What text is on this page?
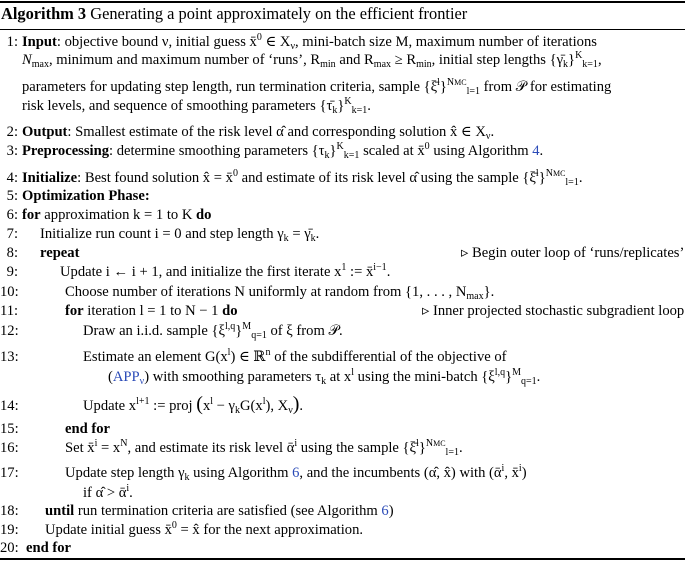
Algorithm 3 Generating a point approximately on the efficient frontier
1: Input: objective bound ν, initial guess x̄$^0$ ∈ $X_\nu$, mini-batch size M, maximum number of iterations
$N_{max}$, minimum and maximum number of ‘runs’, $R_{min}$ and $R_{max} \ge R_{min}$, initial step lengths $\{\gammā_k\}^K_{k=1}$,
parameters for updating step length, run termination criteria, sample {ξ̄$^l$}$^{NMC}_{l=1}$ from 𝒫 for estimating
risk levels, and sequence of smoothing parameters $\{\taū_k\}^K_{k=1}$.
2: Output: Smallest estimate of the risk level α̂ and corresponding solution x̂ ∈ $X_\nu$.
3: Preprocessing: determine smoothing parameters $\{\tau_k\}^K_{k=1}$ scaled at x̄$^0$ using Algorithm 4.
4: Initialize: Best found solution x̂ = x̄$^0$ and estimate of its risk level α̂ using the sample {ξ̄$^l$}$^{NMC}_{l=1}$.
5: Optimization Phase:
6: for approximation k = 1 to K do
7: Initialize run count i = 0 and step length $\gamma_k$ = $\gammā_k$.
8: repeat	▹ Begin outer loop of ‘runs/replicates’
9:	Update i ← i + 1, and initialize the first iterate $x^1$ := x̄$^{i-1}$.
10:	Choose number of iterations N uniformly at random from {1, . . . , $N_{max}$}.
11:	for iteration l = 1 to N − 1 do	▹ Inner projected stochastic subgradient loop
12:	Draw an i.i.d. sample $\{\xi^{l,q}\}^M_{q=1}$ of ξ from 𝒫.
13:	Estimate an element $G(x^l)$ ∈ ℝ$^n$ of the subdifferential of the objective of
$(APP_\nu)$ with smoothing parameters $\tau_k$ at $x^l$ using the mini-batch $\{\xi^{l,q}\}^M_{q=1}$.
14:	Update $x^{l+1}$ := proj ($x^l - \gamma_kG(x^l)$, $X_\nu$).
15:	end for
16:	Set x̄$^i$ = $x^N$, and estimate its risk level ᾱ$^i$ using the sample {ξ̄$^l$}$^{NMC}_{l=1}$.
17:	Update step length $\gamma_k$ using Algorithm 6, and the incumbents (α̂, x̂) with (ᾱ$^i$, x̄$^i$)
if α̂ > ᾱ$^i$.
18: until run termination criteria are satisfied (see Algorithm 6)
19: Update initial guess x̄$^0$ = x̂ for the next approximation.
20: end for
